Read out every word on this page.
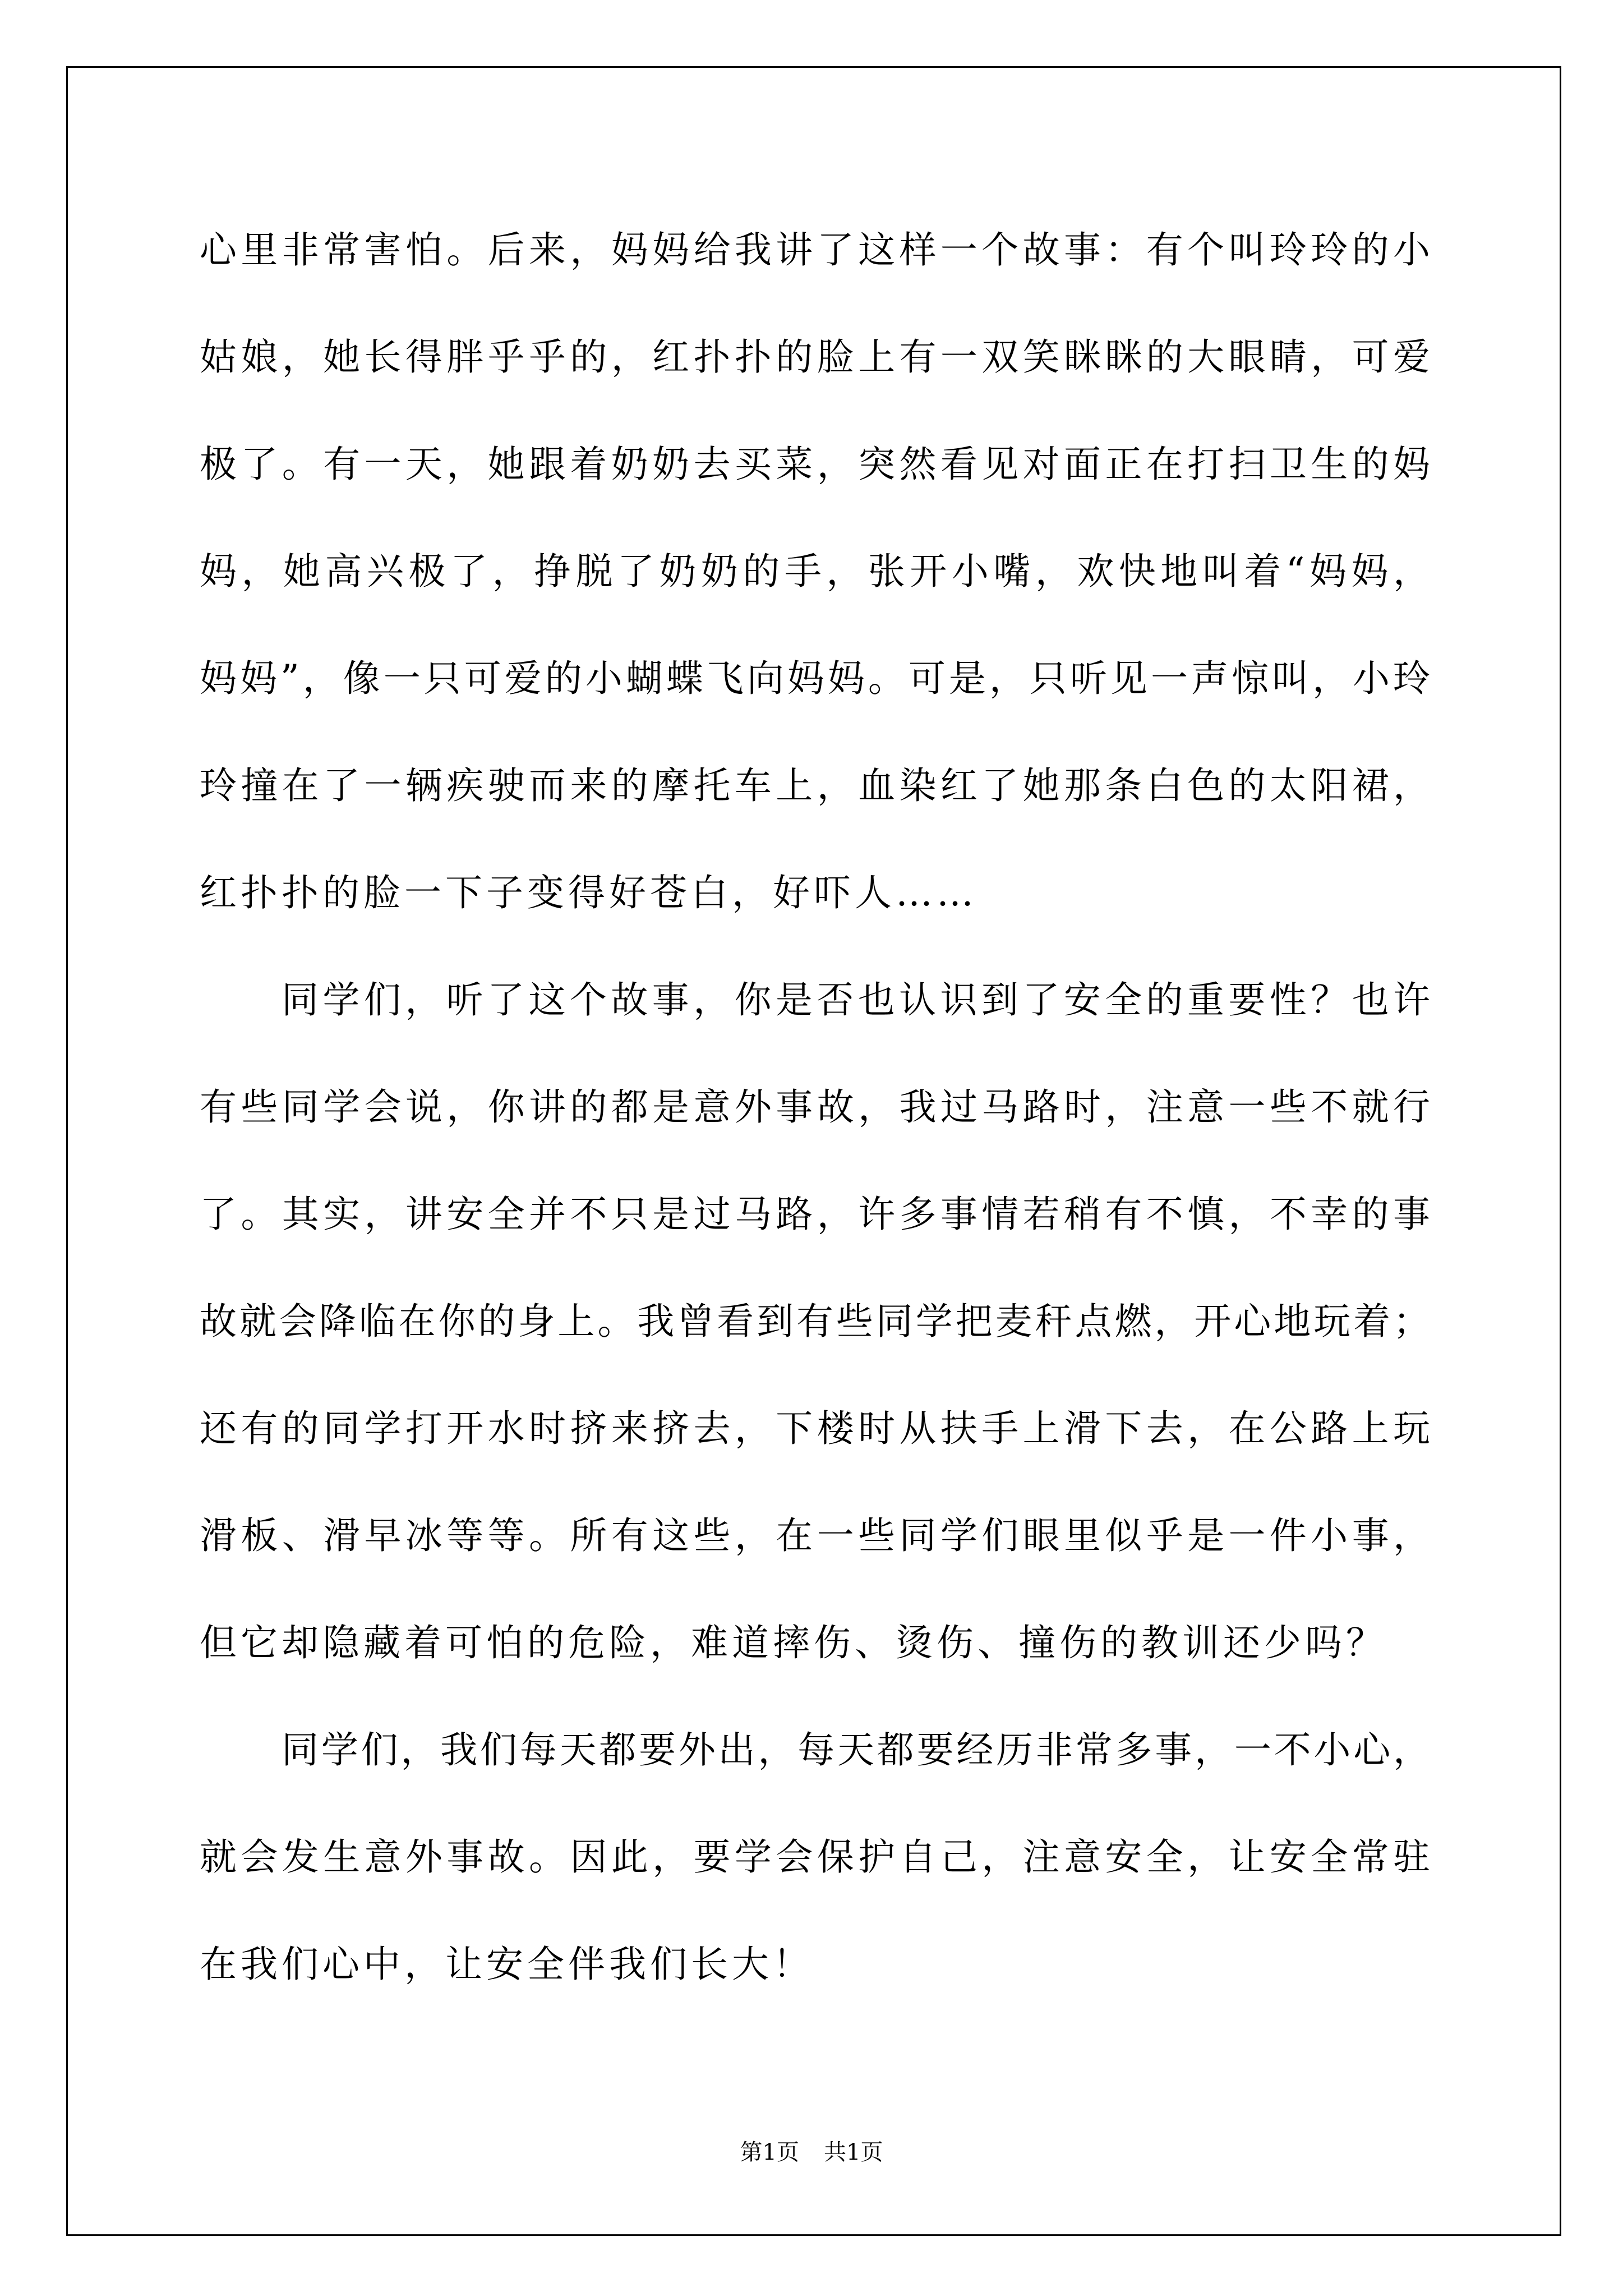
心里非常害怕。后来，妈妈给我讲了这样一个故事：有个叫玲玲的小
姑娘，她长得胖乎乎的，红扑扑的脸上有一双笑眯眯的大眼睛，可爱
极了。有一天，她跟着奶奶去买菜，突然看见对面正在打扫卫生的妈
妈，她高兴极了，挣脱了奶奶的手，张开小嘴，欢快地叫着“妈妈，
妈妈”，像一只可爱的小蝴蝶飞向妈妈。可是，只听见一声惊叫，小玲
玲撞在了一辆疾驶而来的摩托车上，血染红了她那条白色的太阳裙，
红扑扑的脸一下子变得好苍白，好吓人……
同学们，听了这个故事，你是否也认识到了安全的重要性？也许
有些同学会说，你讲的都是意外事故，我过马路时，注意一些不就行
了。其实，讲安全并不只是过马路，许多事情若稍有不慎，不幸的事
故就会降临在你的身上。我曾看到有些同学把麦秆点燃，开心地玩着；
还有的同学打开水时挤来挤去，下楼时从扶手上滑下去，在公路上玩
滑板、滑早冰等等。所有这些，在一些同学们眼里似乎是一件小事，
但它却隐藏着可怕的危险，难道摔伤、烫伤、撞伤的教训还少吗？
同学们，我们每天都要外出，每天都要经历非常多事，一不小心，
就会发生意外事故。因此，要学会保护自己，注意安全，让安全常驻
在我们心中，让安全伴我们长大！
第1页 共1页
